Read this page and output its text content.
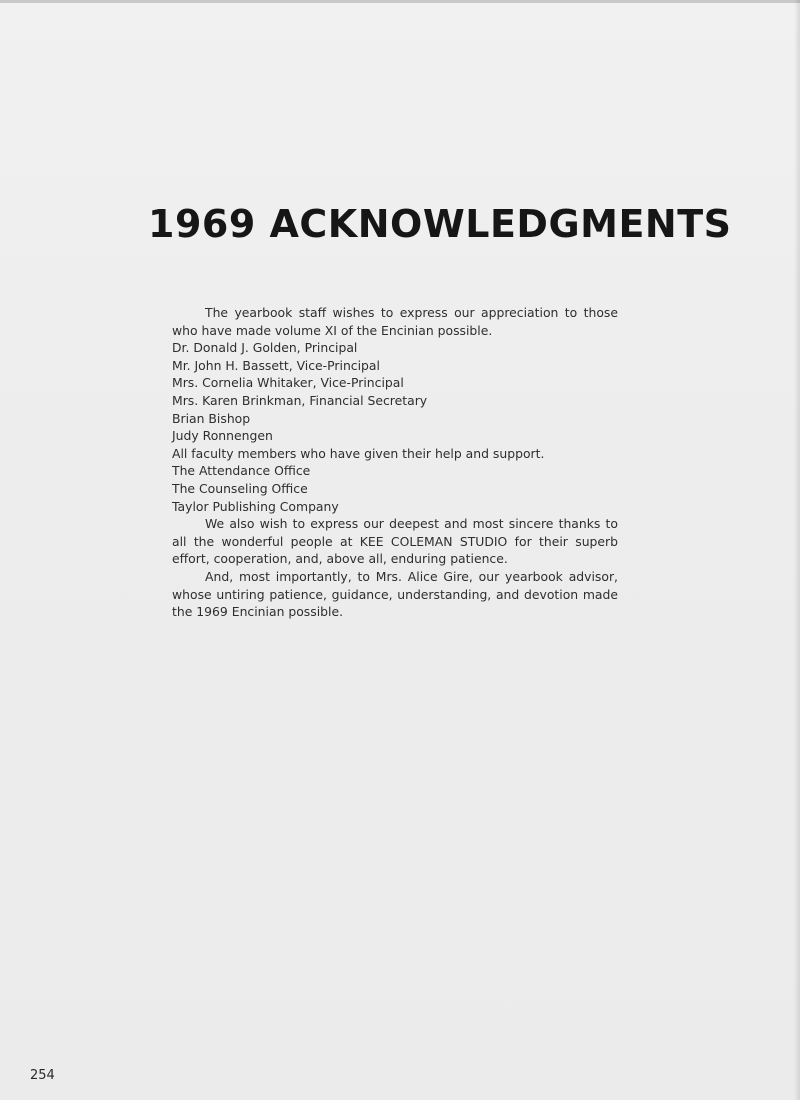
1969 ACKNOWLEDGMENTS

The yearbook staff wishes to express our appreciation to those who have made volume XI of the Encinian possible.

Dr. Donald J. Golden, Principal
Mr. John H. Bassett, Vice-Principal
Mrs. Cornelia Whitaker, Vice-Principal
Mrs. Karen Brinkman, Financial Secretary
Brian Bishop
Judy Ronnengen
All faculty members who have given their help and support.
The Attendance Office
The Counseling Office
Taylor Publishing Company

We also wish to express our deepest and most sincere thanks to all the wonderful people at KEE COLEMAN STUDIO for their superb effort, cooperation, and, above all, enduring patience.

And, most importantly, to Mrs. Alice Gire, our yearbook advisor, whose untiring patience, guidance, understanding, and devotion made the 1969 Encinian possible.

254
